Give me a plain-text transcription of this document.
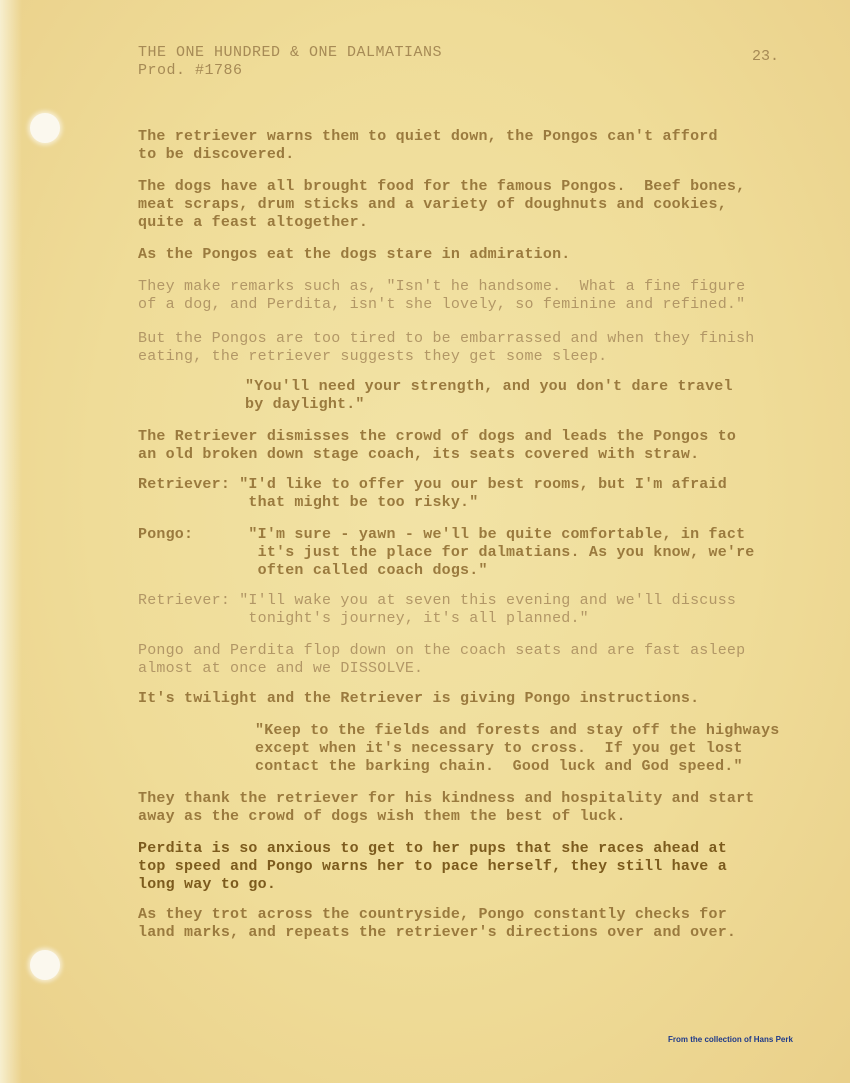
THE ONE HUNDRED & ONE DALMATIANS
Prod. #1786
23.
The retriever warns them to quiet down, the Pongos can't afford
to be discovered.
The dogs have all brought food for the famous Pongos.  Beef bones,
meat scraps, drum sticks and a variety of doughnuts and cookies,
quite a feast altogether.
As the Pongos eat the dogs stare in admiration.
They make remarks such as, "Isn't he handsome.  What a fine figure
of a dog, and Perdita, isn't she lovely, so feminine and refined."
But the Pongos are too tired to be embarrassed and when they finish
eating, the retriever suggests they get some sleep.
"You'll need your strength, and you don't dare travel
by daylight."
The Retriever dismisses the crowd of dogs and leads the Pongos to
an old broken down stage coach, its seats covered with straw.
Retriever: "I'd like to offer you our best rooms, but I'm afraid
that might be too risky."
Pongo:      "I'm sure - yawn - we'll be quite comfortable, in fact
it's just the place for dalmatians. As you know, we're
often called coach dogs."
Retriever: "I'll wake you at seven this evening and we'll discuss
tonight's journey, it's all planned."
Pongo and Perdita flop down on the coach seats and are fast asleep
almost at once and we DISSOLVE.
It's twilight and the Retriever is giving Pongo instructions.
"Keep to the fields and forests and stay off the highways
except when it's necessary to cross.  If you get lost
contact the barking chain.  Good luck and God speed."
They thank the retriever for his kindness and hospitality and start
away as the crowd of dogs wish them the best of luck.
Perdita is so anxious to get to her pups that she races ahead at
top speed and Pongo warns her to pace herself, they still have a
long way to go.
As they trot across the countryside, Pongo constantly checks for
land marks, and repeats the retriever's directions over and over.
From the collection of Hans Perk
